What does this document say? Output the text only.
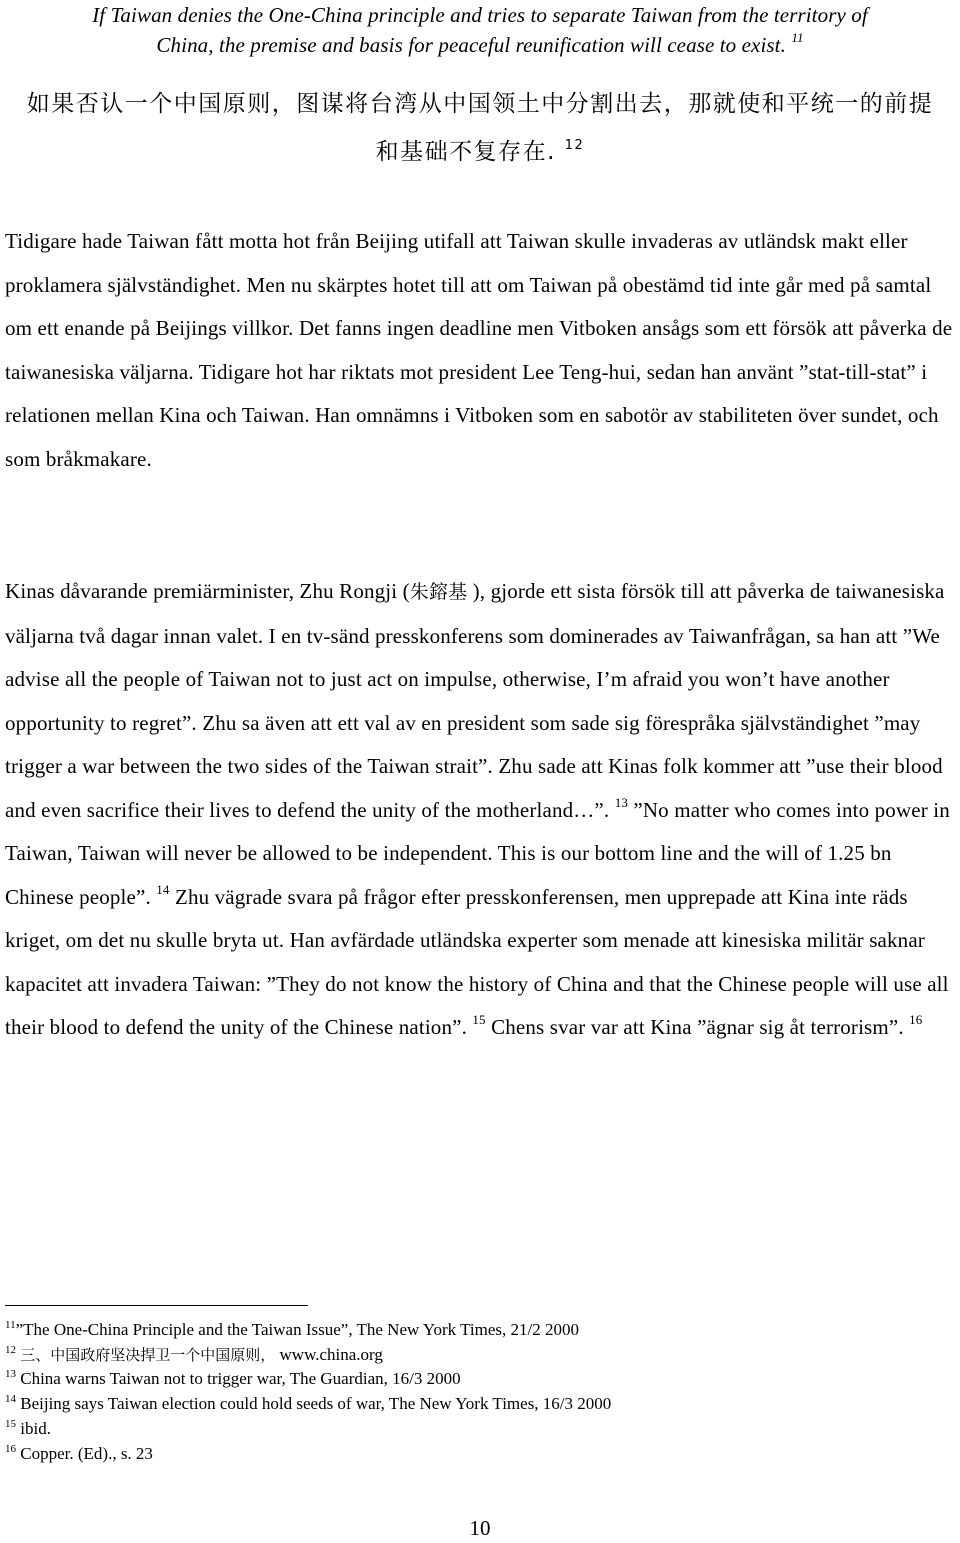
If Taiwan denies the One-China principle and tries to separate Taiwan from the territory of
China, the premise and basis for peaceful reunification will cease to exist. $^{11}$
如果否认一个中国原则，图谋将台湾从中国领土中分割出去，那就使和平统一的前提
和基础不复存在. $^{12}$
Tidigare hade Taiwan fått motta hot från Beijing utifall att Taiwan skulle invaderas av utländsk makt eller proklamera självständighet. Men nu skärptes hotet till att om Taiwan på obestämd tid inte går med på samtal om ett enande på Beijings villkor. Det fanns ingen deadline men Vitboken ansågs som ett försök att påverka de taiwanesiska väljarna. Tidigare hot har riktats mot president Lee Teng-hui, sedan han använt ”stat-till-stat” i relationen mellan Kina och Taiwan. Han omnämns i Vitboken som en sabotör av stabiliteten över sundet, och som bråkmakare.
Kinas dåvarande premiärminister, Zhu Rongji (朱鎔基 ), gjorde ett sista försök till att påverka de taiwanesiska väljarna två dagar innan valet. I en tv-sänd presskonferens som dominerades av Taiwanfrågan, sa han att ”We advise all the people of Taiwan not to just act on impulse, otherwise, I’m afraid you won’t have another opportunity to regret”. Zhu sa även att ett val av en president som sade sig förespråka självständighet ”may trigger a war between the two sides of the Taiwan strait”. Zhu sade att Kinas folk kommer att ”use their blood and even sacrifice their lives to defend the unity of the motherland…”. $^{13}$ ”No matter who comes into power in Taiwan, Taiwan will never be allowed to be independent. This is our bottom line and the will of 1.25 bn Chinese people”. $^{14}$ Zhu vägrade svara på frågor efter presskonferensen, men upprepade att Kina inte räds kriget, om det nu skulle bryta ut. Han avfärdade utländska experter som menade att kinesiska militär saknar kapacitet att invadera Taiwan: ”They do not know the history of China and that the Chinese people will use all their blood to defend the unity of the Chinese nation”. $^{15}$ Chens svar var att Kina ”ägnar sig åt terrorism”. $^{16}$
$^{11}$”The One-China Principle and the Taiwan Issue”, The New York Times, 21/2 2000
$^{12}$ 三、中国政府坚决捍卫一个中国原则， www.china.org
$^{13}$ China warns Taiwan not to trigger war, The Guardian, 16/3 2000
$^{14}$ Beijing says Taiwan election could hold seeds of war, The New York Times, 16/3 2000
$^{15}$ ibid.
$^{16}$ Copper. (Ed)., s. 23
10
